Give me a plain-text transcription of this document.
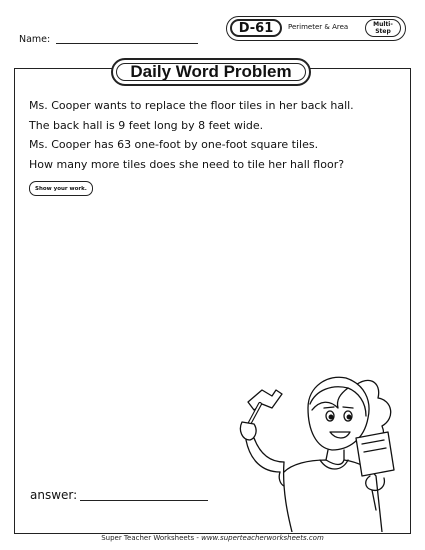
Name:
D-61	Perimeter & Area	Multi-
Step
Daily Word Problem
Ms. Cooper wants to replace the floor tiles in her back hall.
The back hall is 9 feet long by 8 feet wide.
Ms. Cooper has 63 one-foot by one-foot square tiles.
How many more tiles does she need to tile her hall floor?
Show your work.
answer:
Super Teacher Worksheets - www.superteacherworksheets.com
